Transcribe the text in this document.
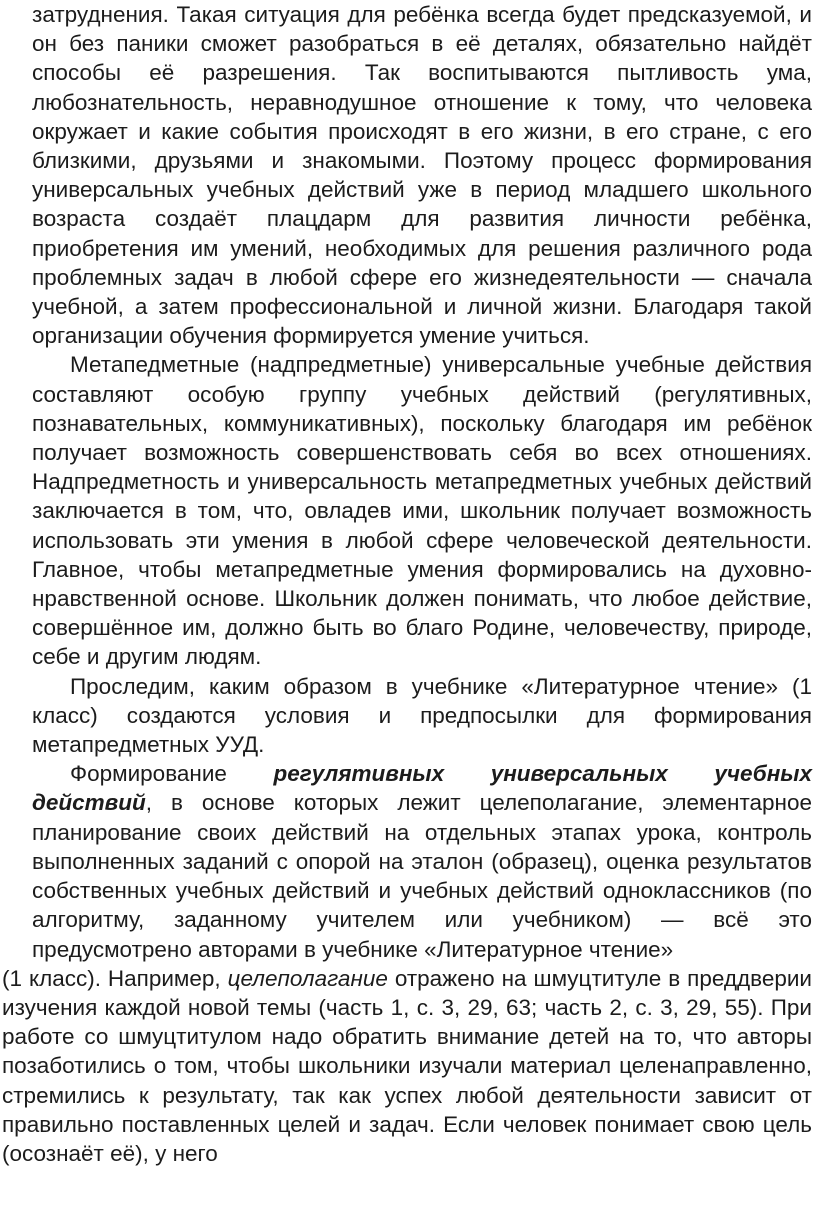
затруднения. Такая ситуация для ребёнка всегда будет предсказуемой, и он без паники сможет разобраться в её деталях, обязательно найдёт способы её разрешения. Так воспитываются пытливость ума, любознательность, неравнодушное отношение к тому, что человека окружает и какие события происходят в его жизни, в его стране, с его близкими, друзьями и знакомыми. Поэтому процесс формирования универсальных учебных действий уже в период младшего школьного возраста создаёт плацдарм для развития личности ребёнка, приобретения им умений, необходимых для решения различного рода проблемных задач в любой сфере его жизнедеятельности — сначала учебной, а затем профессиональной и личной жизни. Благодаря такой организации обучения формируется умение учиться.

Метапедметные (надпредметные) универсальные учебные действия составляют особую группу учебных действий (регулятивных, познавательных, коммуникативных), поскольку благодаря им ребёнок получает возможность совершенствовать себя во всех отношениях. Надпредметность и универсальность метапредметных учебных действий заключается в том, что, овладев ими, школьник получает возможность использовать эти умения в любой сфере человеческой деятельности. Главное, чтобы метапредметные умения формировались на духовно-нравственной основе. Школьник должен понимать, что любое действие, совершённое им, должно быть во благо Родине, человечеству, природе, себе и другим людям.

Проследим, каким образом в учебнике «Литературное чтение» (1 класс) создаются условия и предпосылки для формирования метапредметных УУД.

Формирование регулятивных универсальных учебных действий, в основе которых лежит целеполагание, элементарное планирование своих действий на отдельных этапах урока, контроль выполненных заданий с опорой на эталон (образец), оценка результатов собственных учебных действий и учебных действий одноклассников (по алгоритму, заданному учителем или учебником) — всё это предусмотрено авторами в учебнике «Литературное чтение»

(1 класс). Например, целеполагание отражено на шмуцтитуле в преддверии изучения каждой новой темы (часть 1, с. 3, 29, 63; часть 2, с. 3, 29, 55). При работе со шмуцтитулом надо обратить внимание детей на то, что авторы позаботились о том, чтобы школьники изучали материал целенаправленно, стремились к результату, так как успех любой деятельности зависит от правильно поставленных целей и задач. Если человек понимает свою цель (осознаёт её), у него
